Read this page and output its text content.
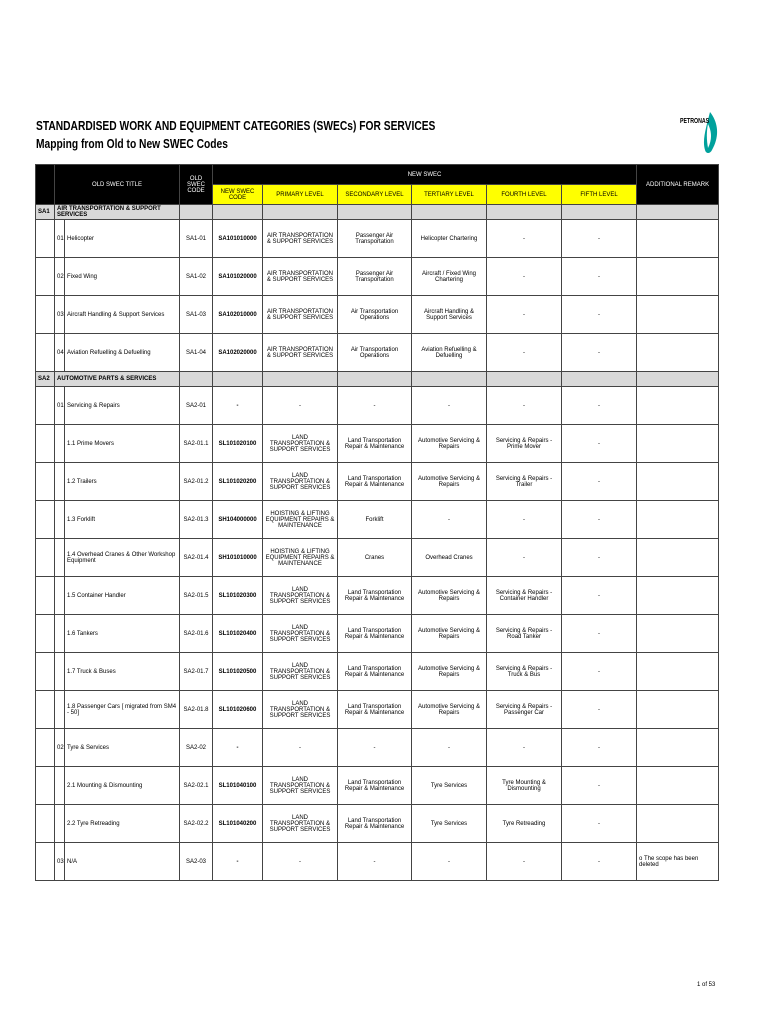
STANDARDISED WORK AND EQUIPMENT CATEGORIES (SWECs) FOR SERVICES
Mapping from Old to New SWEC Codes
PETRONAS
	OLD SWEC TITLE		OLD SWEC CODE	NEW SWEC						ADDITIONAL REMARK
				NEW SWEC CODE	PRIMARY LEVEL	SECONDARY LEVEL	TERTIARY LEVEL	FOURTH LEVEL	FIFTH LEVEL	
SA1	AIR TRANSPORTATION & SUPPORT SERVICES									
	01	Helicopter	SA1-01	SA101010000	AIR TRANSPORTATION & SUPPORT SERVICES	Passenger Air Transportation	Helicopter Chartering	-	-	
	02	Fixed Wing	SA1-02	SA101020000	AIR TRANSPORTATION & SUPPORT SERVICES	Passenger Air Transportation	Aircraft / Fixed Wing Chartering	-	-	
	03	Aircraft Handling & Support Services	SA1-03	SA102010000	AIR TRANSPORTATION & SUPPORT SERVICES	Air Transportation Operations	Aircraft Handling & Support Services	-	-	
	04	Aviation Refuelling & Defuelling	SA1-04	SA102020000	AIR TRANSPORTATION & SUPPORT SERVICES	Air Transportation Operations	Aviation Refuelling & Defuelling	-	-	
SA2	AUTOMOTIVE PARTS & SERVICES									
	01	Servicing & Repairs	SA2-01	-	-	-	-	-	-	
		1.1 Prime Movers	SA2-01.1	SL101020100	LAND TRANSPORTATION & SUPPORT SERVICES	Land Transportation Repair & Maintenance	Automotive Servicing & Repairs	Servicing & Repairs - Prime Mover	-	
		1.2 Trailers	SA2-01.2	SL101020200	LAND TRANSPORTATION & SUPPORT SERVICES	Land Transportation Repair & Maintenance	Automotive Servicing & Repairs	Servicing & Repairs - Trailer	-	
		1.3 Forklift	SA2-01.3	SH104000000	HOISTING & LIFTING EQUIPMENT REPAIRS & MAINTENANCE	Forklift	-	-	-	
		1.4 Overhead Cranes & Other Workshop Equipment	SA2-01.4	SH101010000	HOISTING & LIFTING EQUIPMENT REPAIRS & MAINTENANCE	Cranes	Overhead Cranes	-	-	
		1.5 Container Handler	SA2-01.5	SL101020300	LAND TRANSPORTATION & SUPPORT SERVICES	Land Transportation Repair & Maintenance	Automotive Servicing & Repairs	Servicing & Repairs - Container Handler	-	
		1.6 Tankers	SA2-01.6	SL101020400	LAND TRANSPORTATION & SUPPORT SERVICES	Land Transportation Repair & Maintenance	Automotive Servicing & Repairs	Servicing & Repairs - Road Tanker	-	
		1.7 Truck & Buses	SA2-01.7	SL101020500	LAND TRANSPORTATION & SUPPORT SERVICES	Land Transportation Repair & Maintenance	Automotive Servicing & Repairs	Servicing & Repairs - Truck & Bus	-	
		1.8 Passenger Cars [ migrated from SM4 - 50]	SA2-01.8	SL101020600	LAND TRANSPORTATION & SUPPORT SERVICES	Land Transportation Repair & Maintenance	Automotive Servicing & Repairs	Servicing & Repairs - Passenger Car	-	
	02	Tyre & Services	SA2-02	-	-	-	-	-	-	
		2.1 Mounting & Dismounting	SA2-02.1	SL101040100	LAND TRANSPORTATION & SUPPORT SERVICES	Land Transportation Repair & Maintenance	Tyre Services	Tyre Mounting & Dismounting	-	
		2.2 Tyre Retreading	SA2-02.2	SL101040200	LAND TRANSPORTATION & SUPPORT SERVICES	Land Transportation Repair & Maintenance	Tyre Services	Tyre Retreading	-	
	03	N/A	SA2-03	-	-	-	-	-	-	o The scope has been deleted
1 of 53
